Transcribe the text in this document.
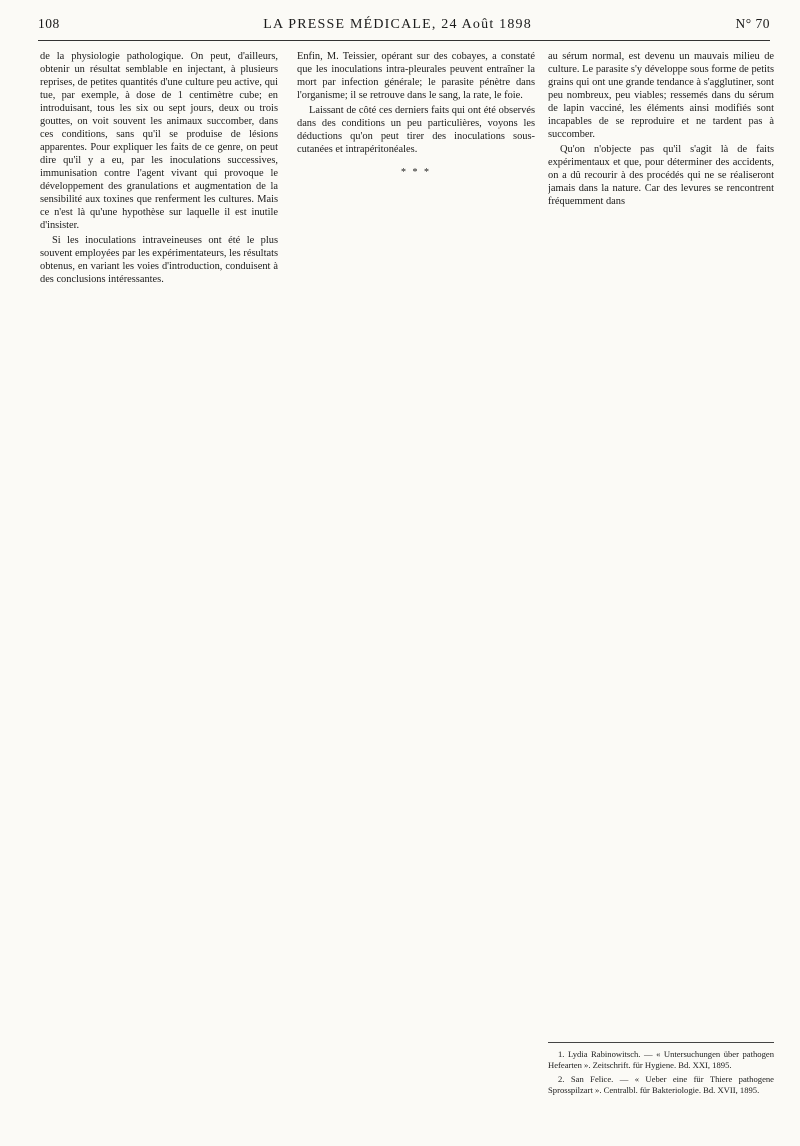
108	LA PRESSE MÉDICALE, 24 Août 1898	N° 70

de la physiologie pathologique. On peut, d'ailleurs, obtenir un résultat semblable en injectant, à plusieurs reprises, de petites quantités d'une culture peu active, qui tue, par exemple, à dose de 1 centimètre cube; en introduisant, tous les six ou sept jours, deux ou trois gouttes, on voit souvent les animaux succomber, dans ces conditions, sans qu'il se produise de lésions apparentes. Pour expliquer les faits de ce genre, on peut dire qu'il y a eu, par les inoculations successives, immunisation contre l'agent vivant qui provoque le développement des granulations et augmentation de la sensibilité aux toxines que renferment les cultures. Mais ce n'est là qu'une hypothèse sur laquelle il est inutile d'insister.

Si les inoculations intraveineuses ont été le plus souvent employées par les expérimentateurs, les résultats obtenus, en variant les voies d'introduction, conduisent à des conclusions intéressantes.

Enfin, M. Teissier, opérant sur des cobayes, a constaté que les inoculations intra-pleurales peuvent entraîner la mort par infection générale; le parasite pénètre dans l'organisme; il se retrouve dans le sang, la rate, le foie.

Laissant de côté ces derniers faits qui ont été observés dans des conditions un peu particulières, voyons les déductions qu'on peut tirer des inoculations sous-cutanées et intrapéritonéales.

* * *

au sérum normal, est devenu un mauvais milieu de culture. Le parasite s'y développe sous forme de petits grains qui ont une grande tendance à s'agglutiner, sont peu nombreux, peu viables; ressemés dans du sérum de lapin vacciné, les éléments ainsi modifiés sont incapables de se reproduire et ne tardent pas à succomber.

Qu'on n'objecte pas qu'il s'agit là de faits expérimentaux et que, pour déterminer des accidents, on a dû recourir à des procédés qui ne se réaliseront jamais dans la nature. Car des levures se rencontrent fréquemment dans

1. Lydia Rabinowitsch. — « Untersuchungen über pathogen Hefearten ». Zeitschrift. für Hygiene. Bd. XXI, 1895.

2. San Felice. — « Ueber eine für Thiere pathogene Sprosspilzart ». Centralbl. für Bakteriologie. Bd. XVII, 1895.
